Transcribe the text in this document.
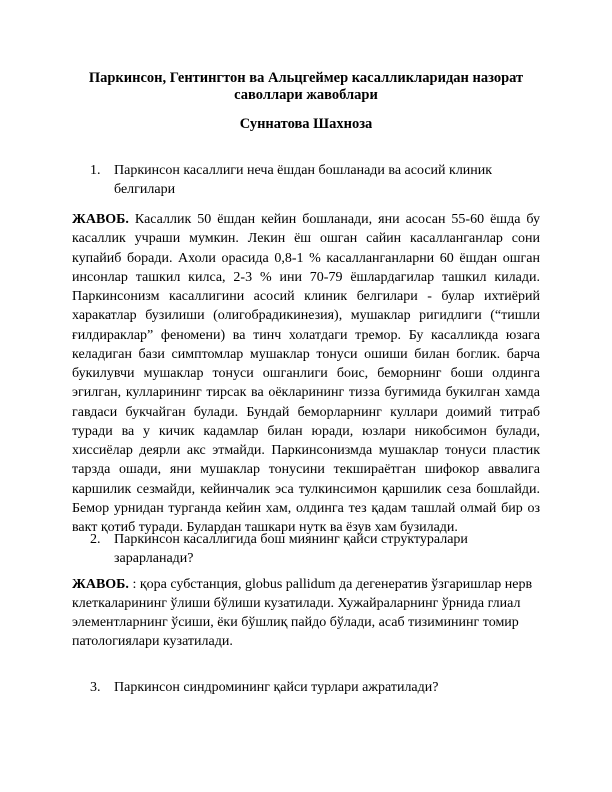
Паркинсон, Гентингтон ва Альцгеймер касалликларидан назорат саволлари жавоблари
Суннатова Шахноза
1. Паркинсон касаллиги неча ёшдан бошланади ва асосий клиник белгилари
ЖАВОБ. Касаллик 50 ёшдан кейин бошланади, яни асосан 55-60 ёшда бу касаллик учраши мумкин. Лекин ёш ошган сайин касалланганлар сони купайиб боради. Ахоли орасида 0,8-1 % касалланганларни 60 ёшдан ошган инсонлар ташкил килса, 2-3 % ини 70-79 ёшлардагилар ташкил килади. Паркинсонизм касаллигини асосий клиник белгилари - булар ихтиёрий харакатлар бузилиши (олигобрадикинезия), мушаклар ригидлиги (“тишли ғилдираклар” феномени) ва тинч холатдаги тремор. Бу касалликда юзага келадиган бази симптомлар мушаклар тонуси ошиши билан боглик. барча букилувчи мушаклар тонуси ошганлиги боис, беморнинг боши олдинга эгилган, кулларининг тирсак ва оёкларининг тизза бугимида букилган хамда гавдаси букчайган булади. Бундай беморларнинг куллари доимий титраб туради ва у кичик кадамлар билан юради, юзлари никобсимон булади, хиссиёлар деярли акс этмайди. Паркинсонизмда мушаклар тонуси пластик тарзда ошади, яни мушаклар тонусини текшираётган шифокор аввалига каршилик сезмайди, кейинчалик эса тулкинсимон қаршилик сеза бошлайди. Бемор урнидан турганда кейин хам, олдинга тез қадам ташлай олмай бир оз вакт қотиб туради. Булардан ташкари нутк ва ёзув хам бузилади.
2. Паркинсон касаллигида бош миянинг қайси структуралари зарарланади?
ЖАВОБ. : қора субстанция, globus pallidum да дегенератив ўзгаришлар нерв клеткаларининг ўлиши бўлиши кузатилади. Хужайраларнинг ўрнида глиал элементларнинг ўсиши, ёки бўшлиқ пайдо бўлади, асаб тизимининг томир патологиялари кузатилади.
3. Паркинсон синдромининг қайси турлари ажратилади?
